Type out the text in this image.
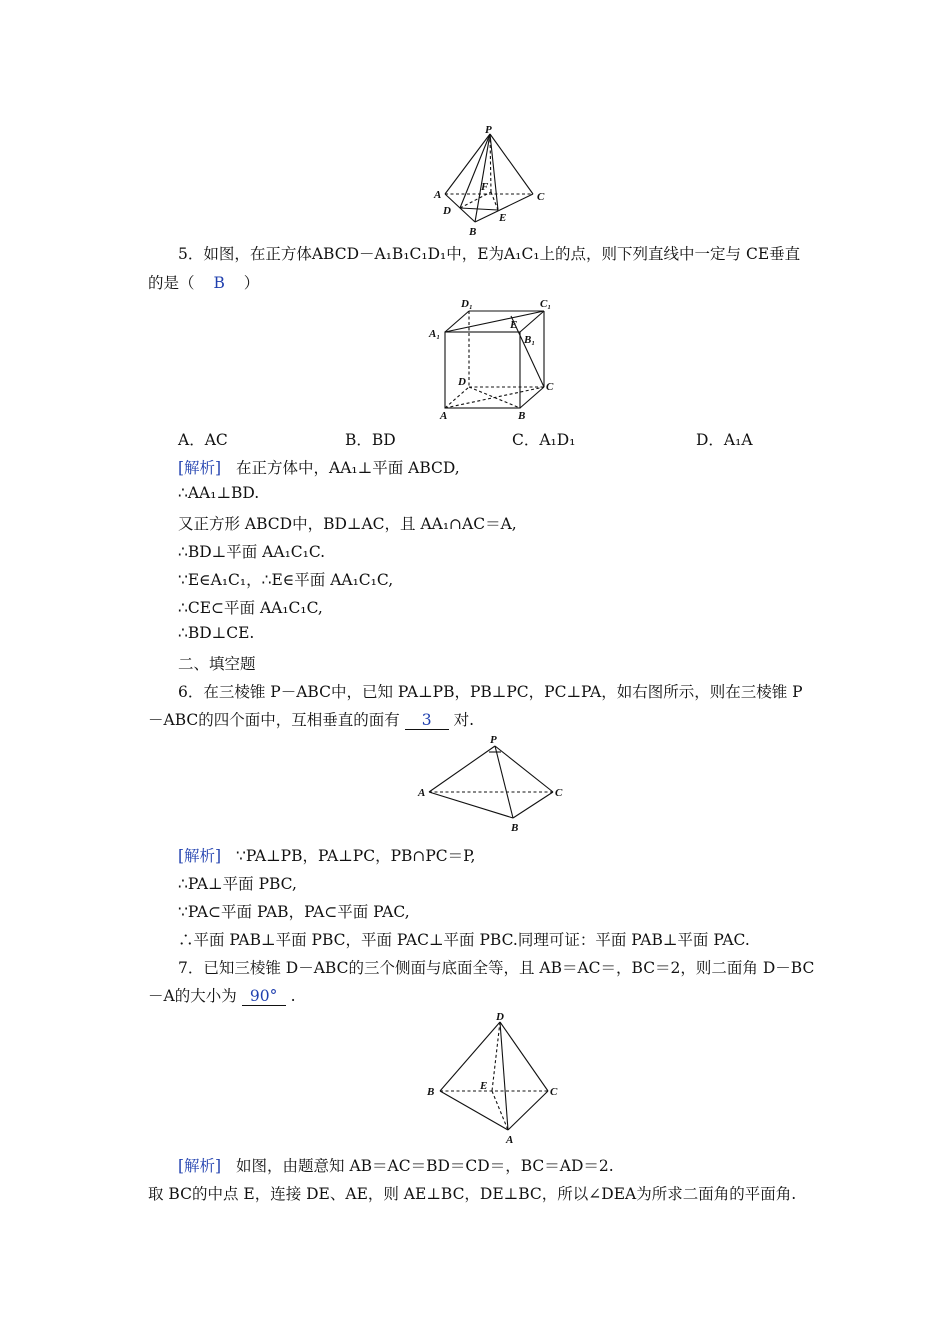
P
A
F
D
B
E
C
5．如图，在正方体ABCD－A₁B₁C₁D₁中，E为A₁C₁上的点，则下列直线中一定与 CE垂直
的是（ B ）
D₁	C₁
A₁	B₁
E
D	C
A	B
A．AC	B．BD	C．A₁D₁	D．A₁A
[解析] 在正方体中，AA₁⊥平面 ABCD,
∴AA₁⊥BD.
又正方形 ABCD中，BD⊥AC，且 AA₁∩AC＝A,
∴BD⊥平面 AA₁C₁C.
∵E∈A₁C₁，∴E∈平面 AA₁C₁C,
∴CE⊂平面 AA₁C₁C,
∴BD⊥CE.
二、填空题
6．在三棱锥 P－ABC中，已知 PA⊥PB，PB⊥PC，PC⊥PA，如右图所示，则在三棱锥 P
－ABC的四个面中，互相垂直的面有 3 对.
P
A	C
B
[解析] ∵PA⊥PB，PA⊥PC，PB∩PC＝P,
∴PA⊥平面 PBC,
∵PA⊂平面 PAB，PA⊂平面 PAC,
∴平面 PAB⊥平面 PBC，平面 PAC⊥平面 PBC.同理可证：平面 PAB⊥平面 PAC.
7．已知三棱锥 D－ABC的三个侧面与底面全等，且 AB＝AC＝，BC＝2，则二面角 D－BC
－A的大小为 90° .
D
B	E	C
A
[解析] 如图，由题意知 AB＝AC＝BD＝CD＝，BC＝AD＝2.
取 BC的中点 E，连接 DE、AE，则 AE⊥BC，DE⊥BC，所以∠DEA为所求二面角的平面角.
